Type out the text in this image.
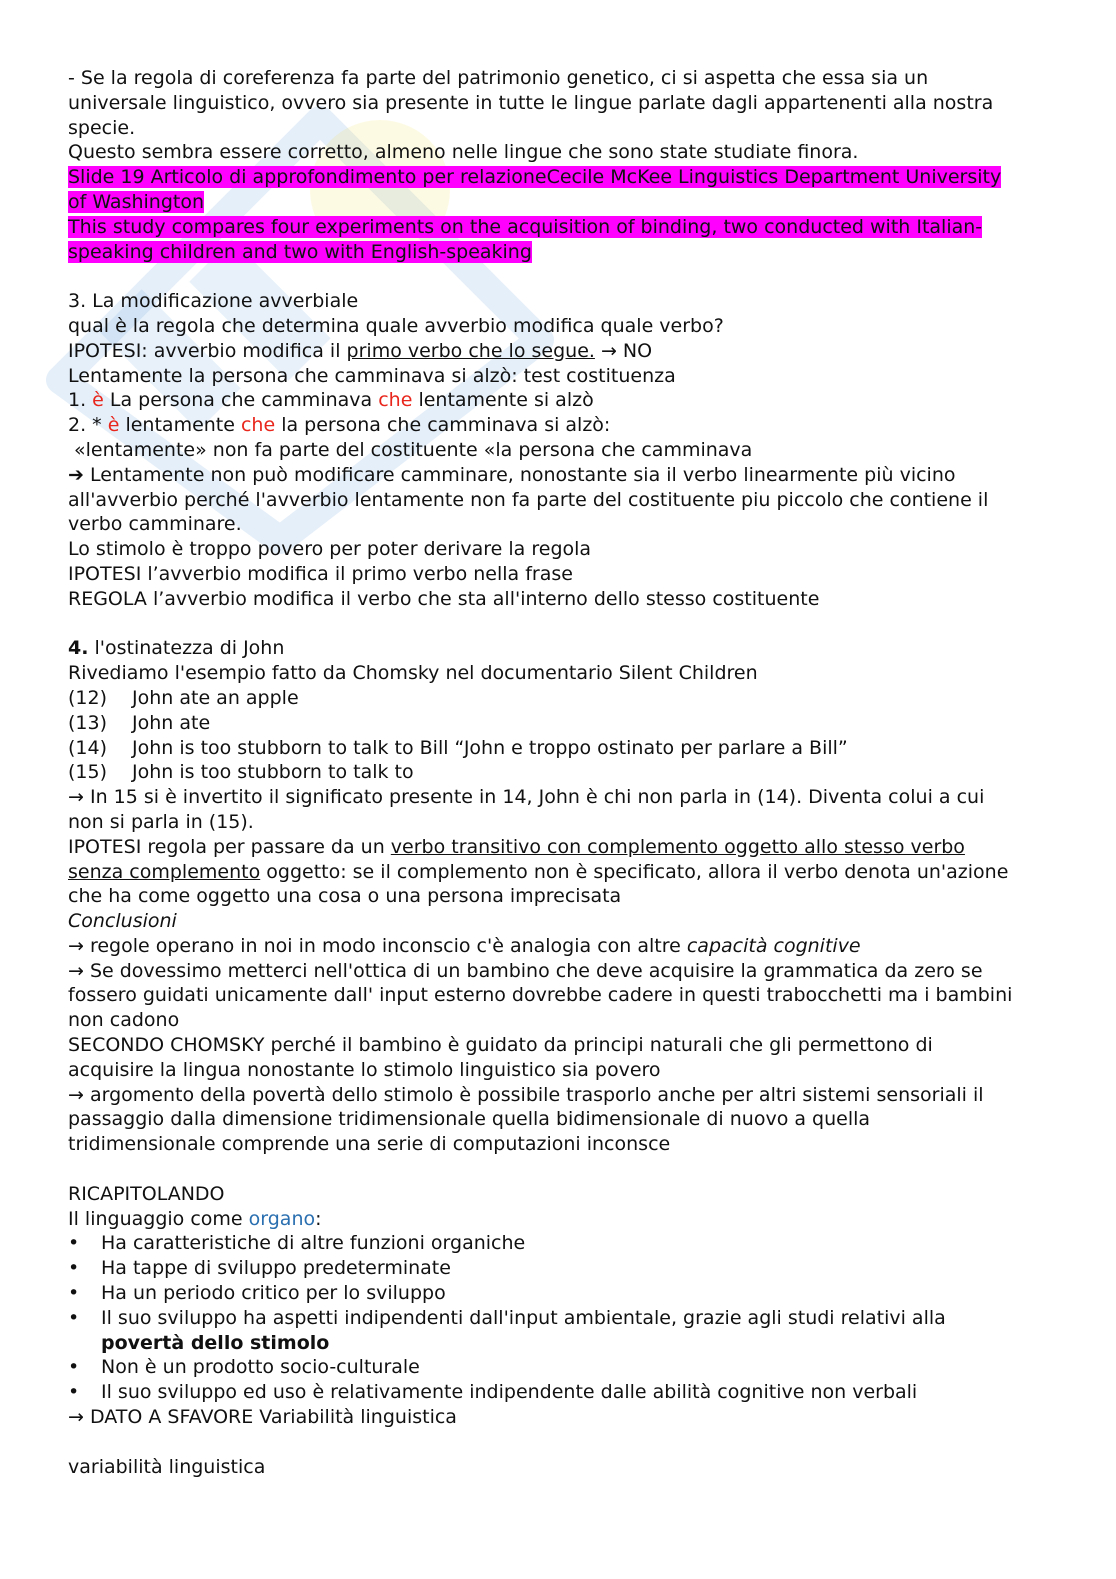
- Se la regola di coreferenza fa parte del patrimonio genetico, ci si aspetta che essa sia un
universale linguistico, ovvero sia presente in tutte le lingue parlate dagli appartenenti alla nostra
specie.
Questo sembra essere corretto, almeno nelle lingue che sono state studiate finora.
Slide 19 Articolo di approfondimento per relazioneCecile McKee Linguistics Department University
of Washington
This study compares four experiments on the acquisition of binding, two conducted with Italian-
speaking children and two with English-speaking
3. La modificazione avverbiale
qual è la regola che determina quale avverbio modifica quale verbo?
IPOTESI: avverbio modifica il primo verbo che lo segue. → NO
Lentamente la persona che camminava si alzò: test costituenza
1. è La persona che camminava che lentamente si alzò
2. * è lentamente che la persona che camminava si alzò:
«lentamente» non fa parte del costituente «la persona che camminava
➔ Lentamente non può modificare camminare, nonostante sia il verbo linearmente più vicino
all'avverbio perché l'avverbio lentamente non fa parte del costituente piu piccolo che contiene il
verbo camminare.
Lo stimolo è troppo povero per poter derivare la regola
IPOTESI l’avverbio modifica il primo verbo nella frase
REGOLA l’avverbio modifica il verbo che sta all'interno dello stesso costituente
4. l'ostinatezza di John
Rivediamo l'esempio fatto da Chomsky nel documentario Silent Children
(12) John ate an apple
(13) John ate
(14) John is too stubborn to talk to Bill “John e troppo ostinato per parlare a Bill”
(15) John is too stubborn to talk to
→ In 15 si è invertito il significato presente in 14, John è chi non parla in (14). Diventa colui a cui
non si parla in (15).
IPOTESI regola per passare da un verbo transitivo con complemento oggetto allo stesso verbo
senza complemento oggetto: se il complemento non è specificato, allora il verbo denota un'azione
che ha come oggetto una cosa o una persona imprecisata
Conclusioni
→ regole operano in noi in modo inconscio c'è analogia con altre capacità cognitive
→ Se dovessimo metterci nell'ottica di un bambino che deve acquisire la grammatica da zero se
fossero guidati unicamente dall' input esterno dovrebbe cadere in questi trabocchetti ma i bambini
non cadono
SECONDO CHOMSKY perché il bambino è guidato da principi naturali che gli permettono di
acquisire la lingua nonostante lo stimolo linguistico sia povero
→ argomento della povertà dello stimolo è possibile trasporlo anche per altri sistemi sensoriali il
passaggio dalla dimensione tridimensionale quella bidimensionale di nuovo a quella
tridimensionale comprende una serie di computazioni inconsce
RICAPITOLANDO
Il linguaggio come organo:
• Ha caratteristiche di altre funzioni organiche
• Ha tappe di sviluppo predeterminate
• Ha un periodo critico per lo sviluppo
• Il suo sviluppo ha aspetti indipendenti dall'input ambientale, grazie agli studi relativi alla
povertà dello stimolo
• Non è un prodotto socio-culturale
• Il suo sviluppo ed uso è relativamente indipendente dalle abilità cognitive non verbali
→ DATO A SFAVORE Variabilità linguistica
variabilità linguistica
